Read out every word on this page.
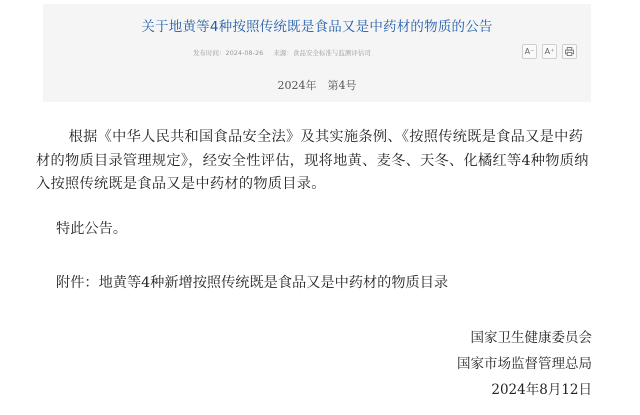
关于地黄等4种按照传统既是食品又是中药材的物质的公告
发布时间：2024-08-26 来源：食品安全标准与监测评估司	A⁻ A⁺
2024年　第4号

根据《中华人民共和国食品安全法》及其实施条例、《按照传统既是食品又是中药材的物质目录管理规定》，经安全性评估，现将地黄、麦冬、天冬、化橘红等4种物质纳入按照传统既是食品又是中药材的物质目录。

特此公告。

附件：地黄等4种新增按照传统既是食品又是中药材的物质目录

国家卫生健康委员会

国家市场监督管理总局

2024年8月12日
